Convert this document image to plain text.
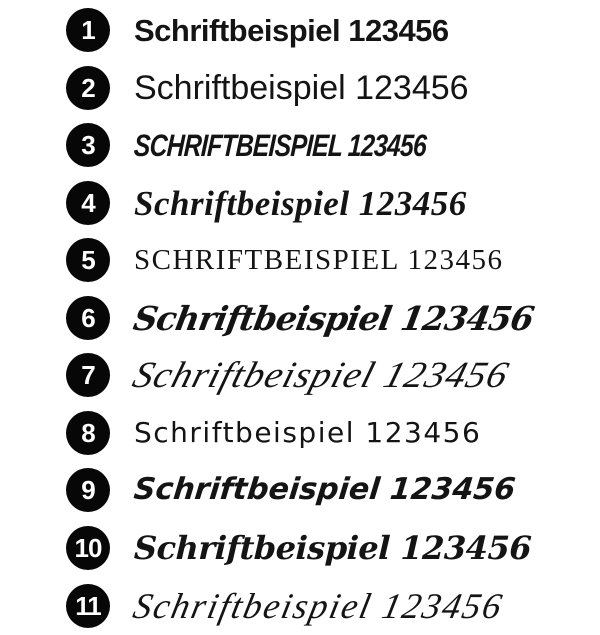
1 Schriftbeispiel 123456
2 Schriftbeispiel 123456
3 SCHRIFTBEISPIEL 123456
4 Schriftbeispiel 123456
5 SCHRIFTBEISPIEL 123456
6 Schriftbeispiel 123456
7 Schriftbeispiel 123456
8 Schriftbeispiel 123456
9 Schriftbeispiel 123456
10 Schriftbeispiel 123456
11 Schriftbeispiel 123456
